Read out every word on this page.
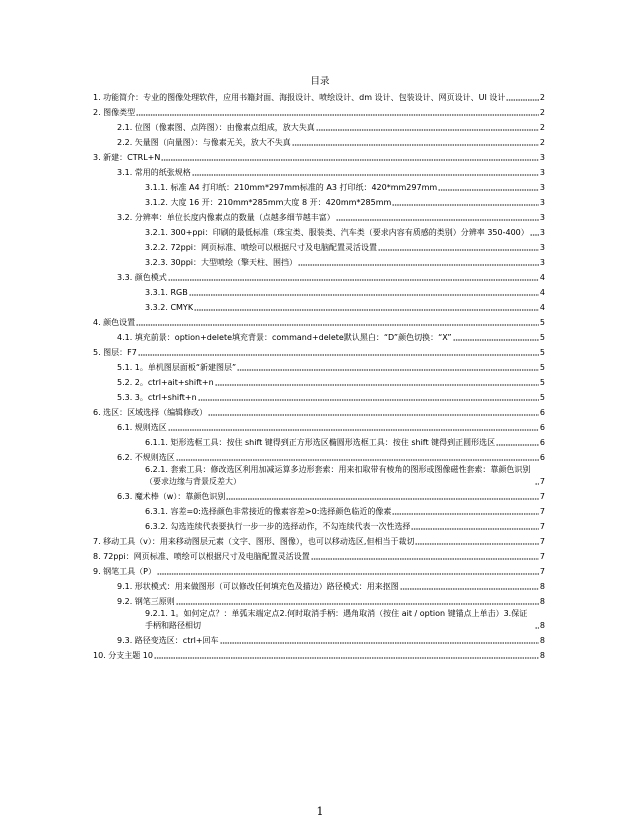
目录
1. 功能简介：专业的图像处理软件，应用书籍封面、海报设计、喷绘设计、dm 设计、包装设计、网页设计、UI 设计	2
2. 图像类型	2
2.1. 位图（像素图、点阵图）：由像素点组成，放大失真	2
2.2. 矢量图（向量图）：与像素无关，放大不失真	2
3. 新建：CTRL+N	3
3.1. 常用的纸张规格	3
3.1.1. 标准 A4 打印纸：210mm*297mm标准的 A3 打印纸：420*mm297mm	3
3.1.2. 大度 16 开：210mm*285mm大度 8 开：420mm*285mm	3
3.2. 分辨率：单位长度内像素点的数量（点越多细节越丰富）	3
3.2.1. 300+ppi：印刷的最低标准（珠宝类、服装类、汽车类（要求内容有质感的类别）分辨率 350-400） 3
3.2.2. 72ppi：网页标准、喷绘可以根据尺寸及电脑配置灵活设置	3
3.2.3. 30ppi：大型喷绘（擎天柱、围挡）	3
3.3. 颜色模式	4
3.3.1. RGB	4
3.3.2. CMYK	4
4. 颜色设置	5
4.1. 填充前景：option+delete填充背景：command+delete默认黑白：“D”颜色切换：“X”	5
5. 图层：F7	5
5.1. 1。单机图层面板“新建图层”	5
5.2. 2。ctrl+ait+shift+n	5
5.3. 3。ctrl+shift+n	5
6. 选区：区域选择（编辑修改）	6
6.1. 规则选区	6
6.1.1. 矩形选框工具：按住 shift 键得到正方形选区椭圆形选框工具：按住 shift 键得到正圆形选区	6
6.2. 不规则选区	6
6.2.1. 套索工具：修改选区利用加减运算多边形套索：用来扣取带有棱角的图形或图像磁性套索：靠颜色识别（要求边缘与背景反差大）	7
6.3. 魔术棒（w）：靠颜色识别	7
6.3.1. 容差=0:选择颜色非常接近的像素容差>0:选择颜色临近的像素	7
6.3.2. 勾选连续代表要执行一步一步的选择动作，不勾连续代表一次性选择	7
7. 移动工具（v）：用来移动图层元素（文字、图形、图像），也可以移动选区,但相当于裁切	7
8. 72ppi：网页标准、喷绘可以根据尺寸及电脑配置灵活设置	7
9. 钢笔工具（P）	7
9.1. 形状模式：用来做图形（可以修改任何填充色及描边）路径模式：用来抠图	8
9.2. 钢笔三原则	8
9.2.1. 1。如何定点？：单弧末端定点2.何时取消手柄：遇角取消（按住 ait / option 键锚点上单击）3.保证手柄和路径相切	8
9.3. 路径变选区：ctrl+回车	8
10. 分支主题 10	8
1
